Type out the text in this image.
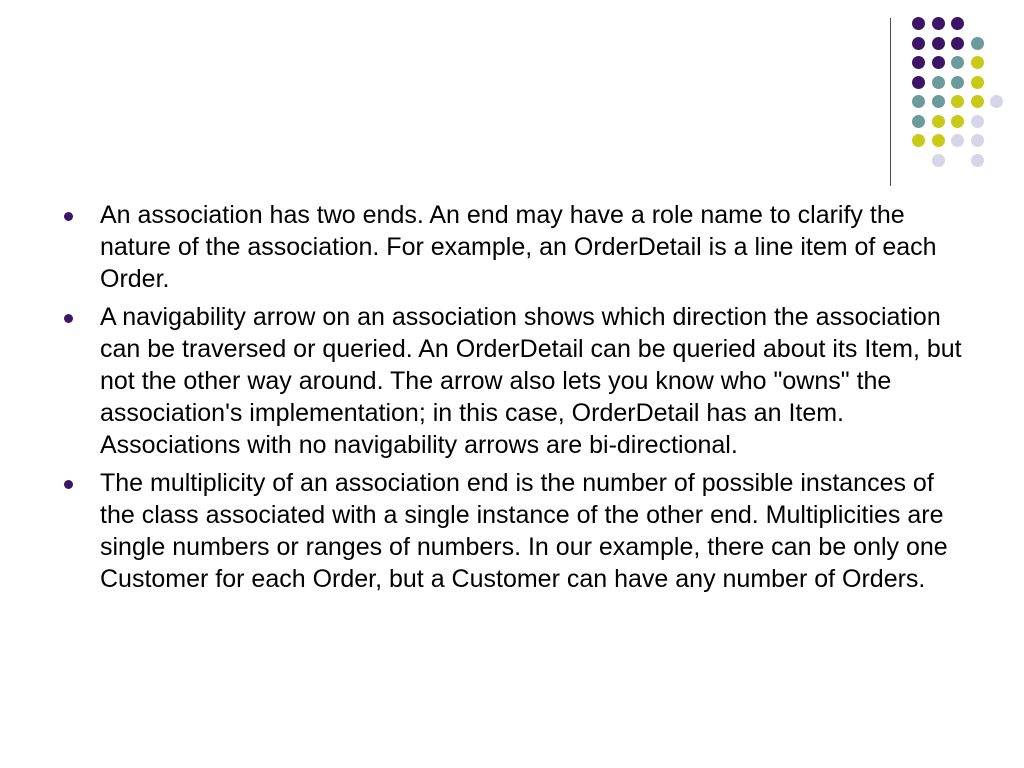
An association has two ends. An end may have a role name to clarify the nature of the association. For example, an OrderDetail is a line item of each Order.
A navigability arrow on an association shows which direction the association can be traversed or queried. An OrderDetail can be queried about its Item, but not the other way around. The arrow also lets you know who "owns" the association's implementation; in this case, OrderDetail has an Item. Associations with no navigability arrows are bi-directional.
The multiplicity of an association end is the number of possible instances of the class associated with a single instance of the other end. Multiplicities are single numbers or ranges of numbers. In our example, there can be only one Customer for each Order, but a Customer can have any number of Orders.
